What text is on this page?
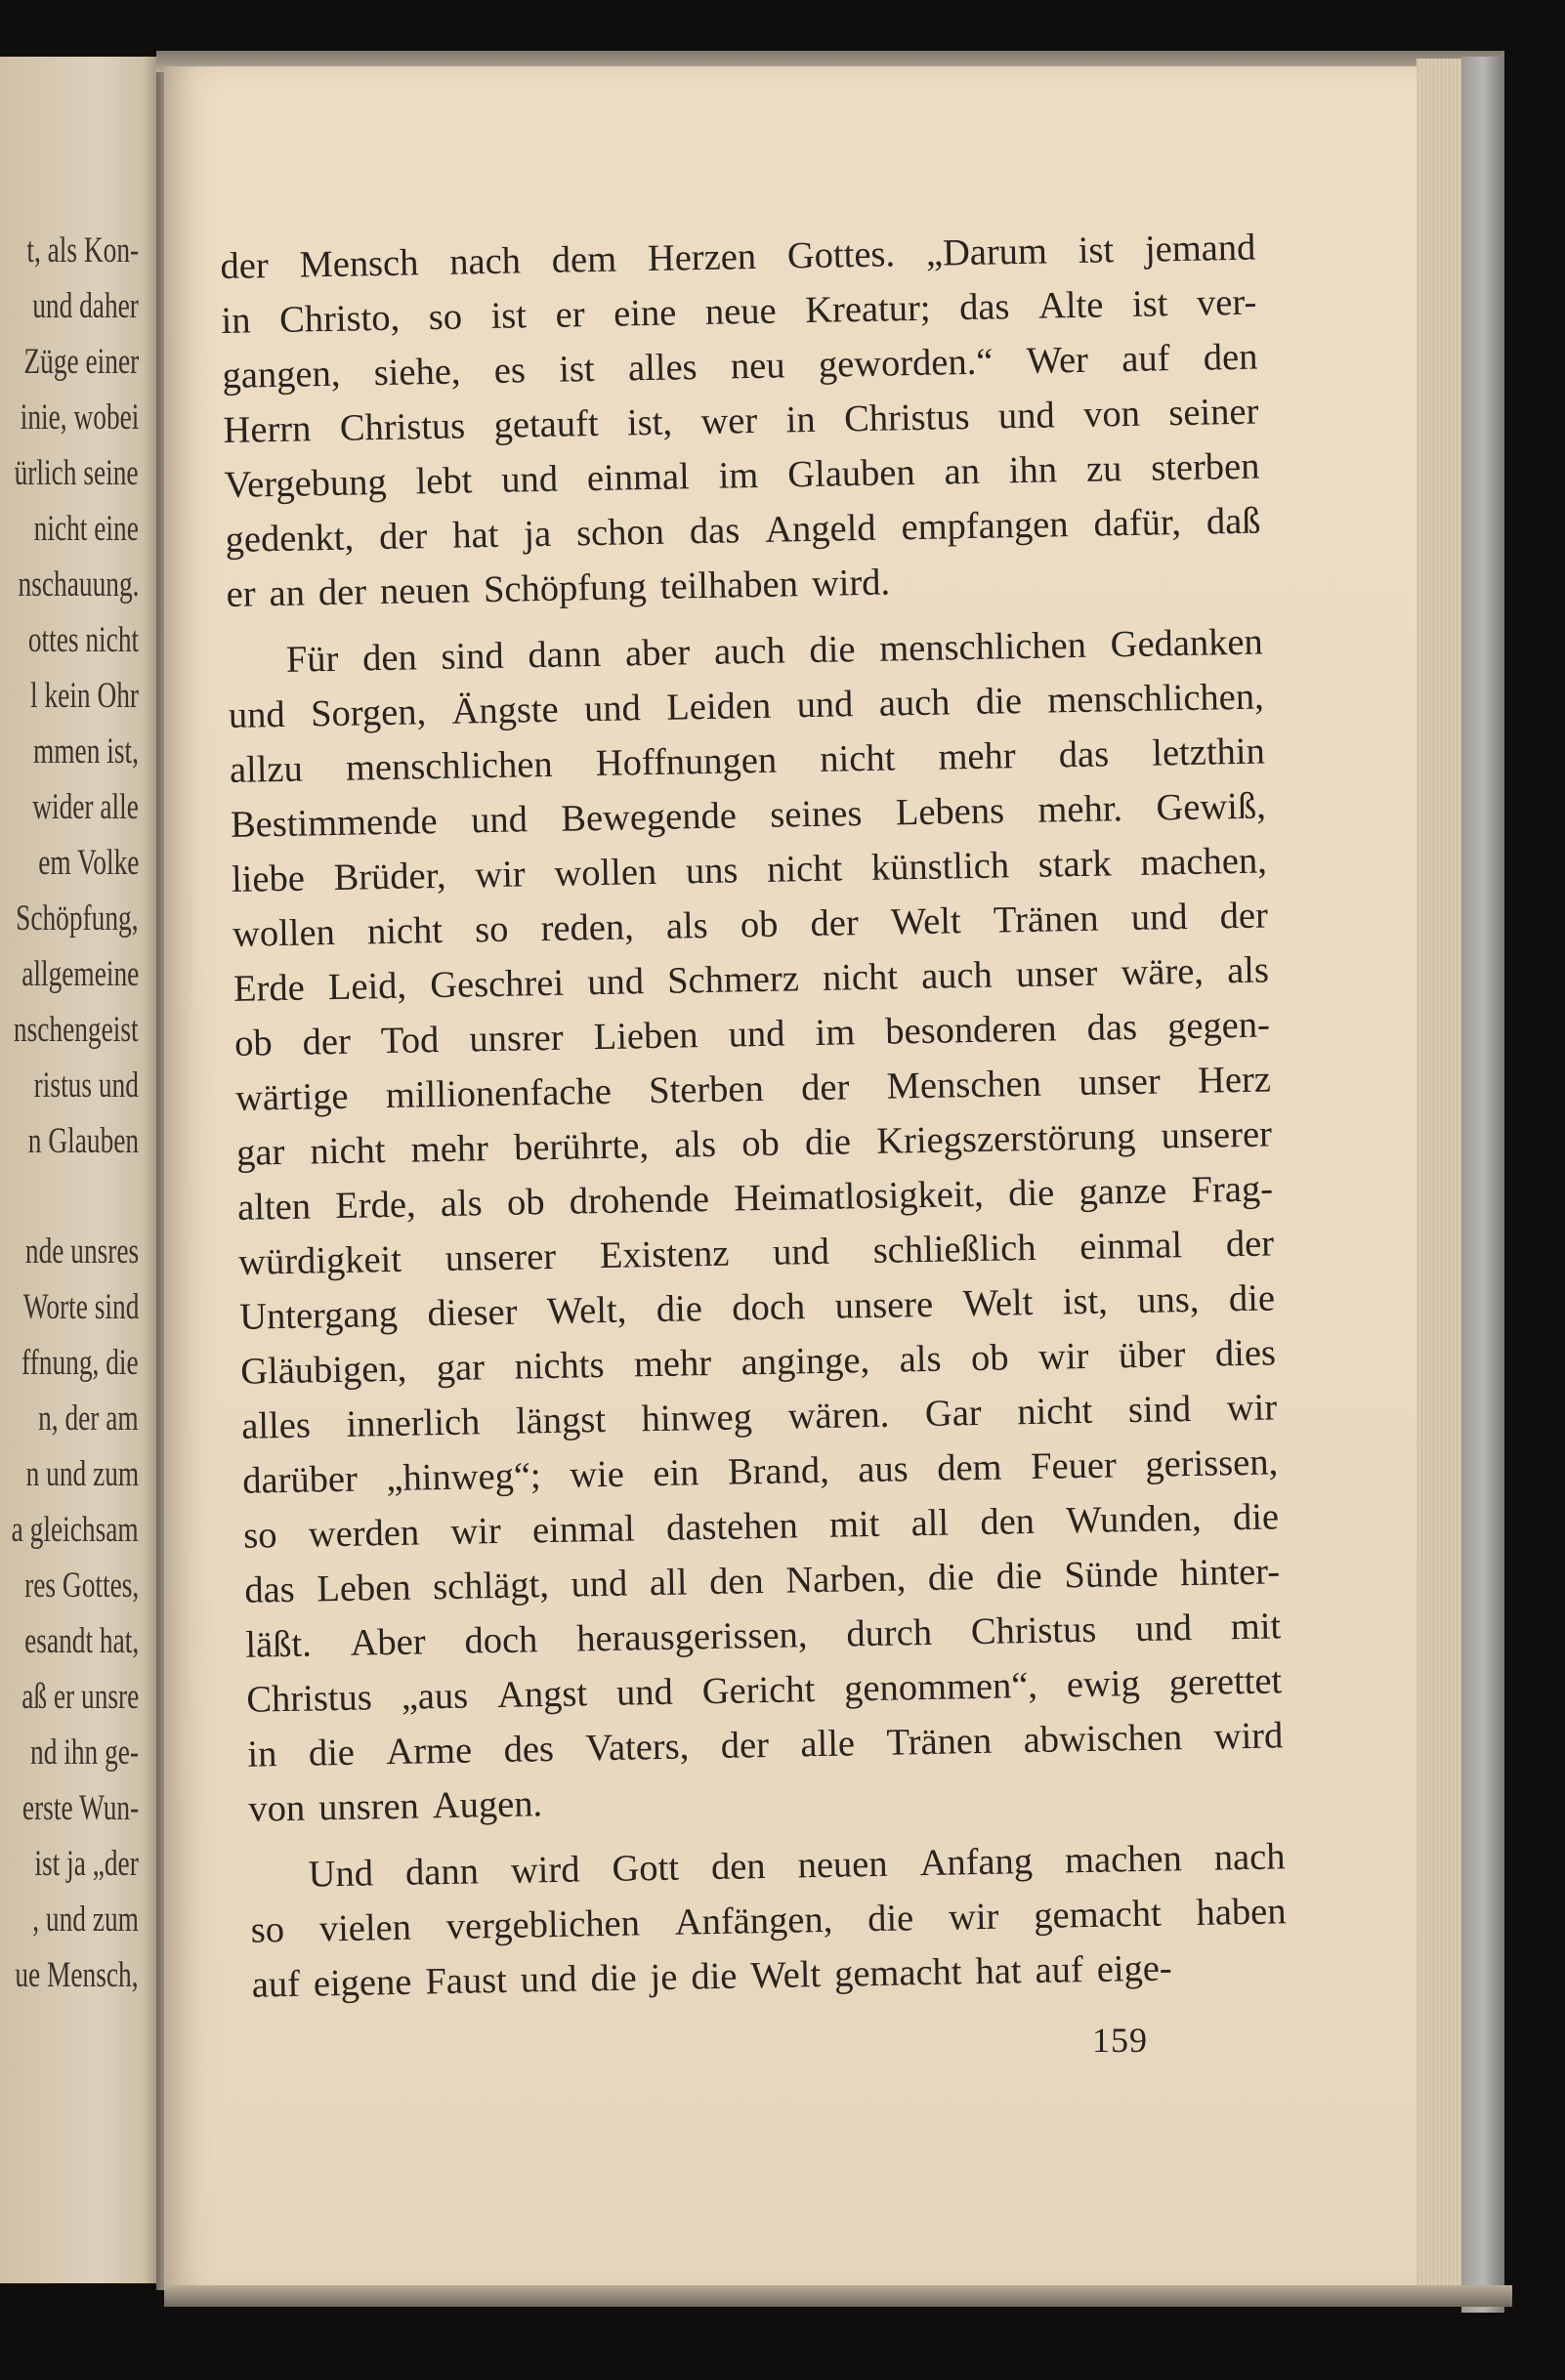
t, als Kon-
und daher
Züge einer
inie, wobei
ürlich seine
nicht eine
nschauung.
ottes nicht
l kein Ohr
mmen ist,
wider alle
em Volke
Schöpfung,
allgemeine
nschengeist
ristus und
n Glauben
nde unsres
Worte sind
ffnung, die
n, der am
n und zum
a gleichsam
res Gottes,
esandt hat,
aß er unsre
nd ihn ge-
erste Wun-
ist ja „der
, und zum
ue Mensch,
der Mensch nach dem Herzen Gottes. „Darum ist jemand
in Christo, so ist er eine neue Kreatur; das Alte ist ver-
gangen, siehe, es ist alles neu geworden.“ Wer auf den
Herrn Christus getauft ist, wer in Christus und von seiner
Vergebung lebt und einmal im Glauben an ihn zu sterben
gedenkt, der hat ja schon das Angeld empfangen dafür, daß
er an der neuen Schöpfung teilhaben wird.
Für den sind dann aber auch die menschlichen Gedanken
und Sorgen, Ängste und Leiden und auch die menschlichen,
allzu menschlichen Hoffnungen nicht mehr das letzthin
Bestimmende und Bewegende seines Lebens mehr. Gewiß,
liebe Brüder, wir wollen uns nicht künstlich stark machen,
wollen nicht so reden, als ob der Welt Tränen und der
Erde Leid, Geschrei und Schmerz nicht auch unser wäre, als
ob der Tod unsrer Lieben und im besonderen das gegen-
wärtige millionenfache Sterben der Menschen unser Herz
gar nicht mehr berührte, als ob die Kriegszerstörung unserer
alten Erde, als ob drohende Heimatlosigkeit, die ganze Frag-
würdigkeit unserer Existenz und schließlich einmal der
Untergang dieser Welt, die doch unsere Welt ist, uns, die
Gläubigen, gar nichts mehr anginge, als ob wir über dies
alles innerlich längst hinweg wären. Gar nicht sind wir
darüber „hinweg“; wie ein Brand, aus dem Feuer gerissen,
so werden wir einmal dastehen mit all den Wunden, die
das Leben schlägt, und all den Narben, die die Sünde hinter-
läßt. Aber doch herausgerissen, durch Christus und mit
Christus „aus Angst und Gericht genommen“, ewig gerettet
in die Arme des Vaters, der alle Tränen abwischen wird
von unsren Augen.
Und dann wird Gott den neuen Anfang machen nach
so vielen vergeblichen Anfängen, die wir gemacht haben
auf eigene Faust und die je die Welt gemacht hat auf eige-
159
